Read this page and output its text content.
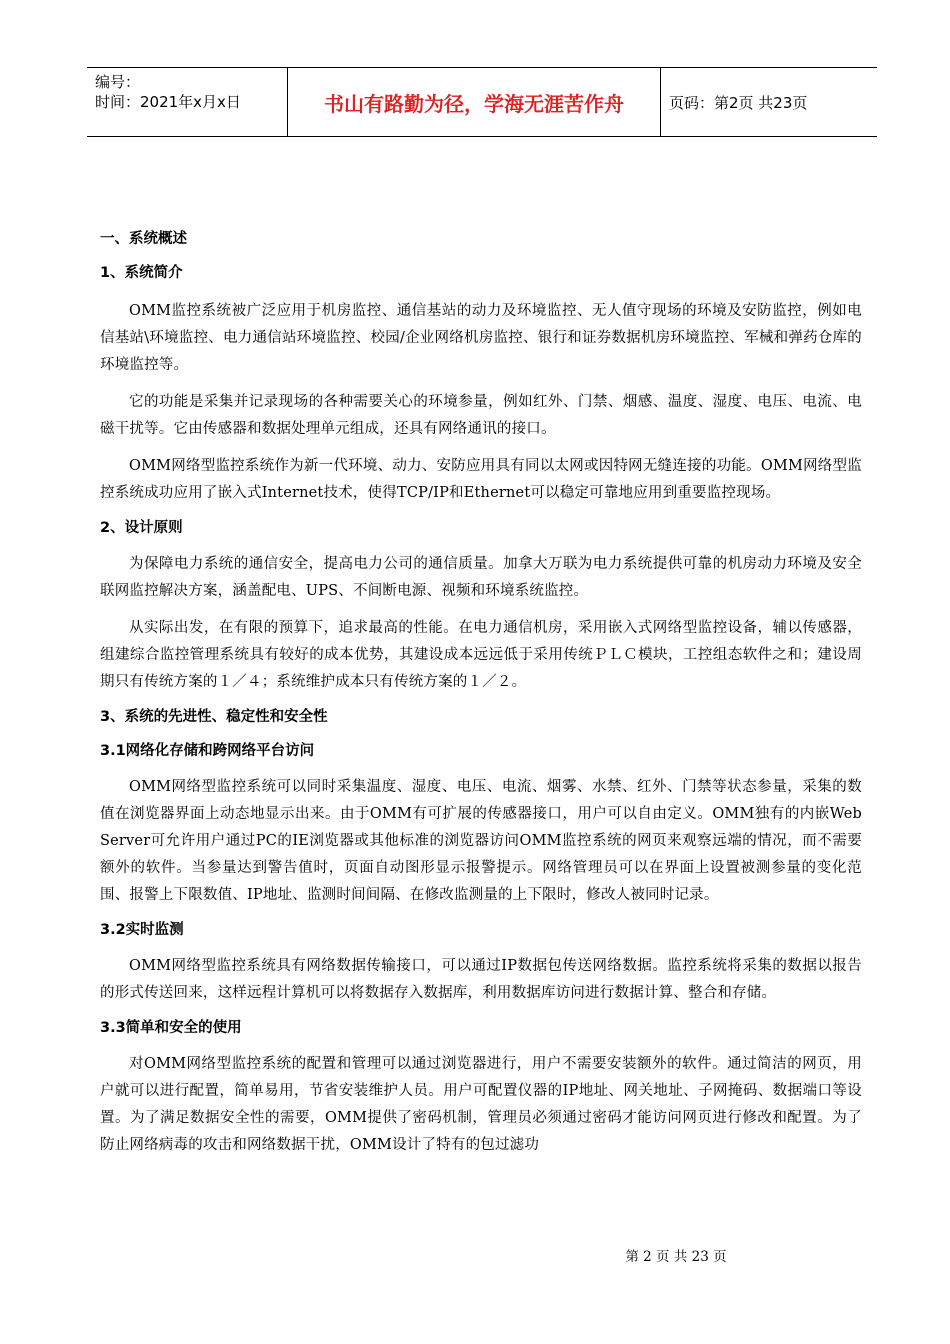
编号：
时间：2021年x月x日	书山有路勤为径，学海无涯苦作舟	页码：第2页 共23页
一、系统概述
1、系统简介

OMM监控系统被广泛应用于机房监控、通信基站的动力及环境监控、无人值守现场的环境及安防监控，例如电信基站\环境监控、电力通信站环境监控、校园/企业网络机房监控、银行和证券数据机房环境监控、军械和弹药仓库的环境监控等。

它的功能是采集并记录现场的各种需要关心的环境参量，例如红外、门禁、烟感、温度、湿度、电压、电流、电磁干扰等。它由传感器和数据处理单元组成，还具有网络通讯的接口。

OMM网络型监控系统作为新一代环境、动力、安防应用具有同以太网或因特网无缝连接的功能。OMM网络型监控系统成功应用了嵌入式Internet技术，使得TCP/IP和Ethernet可以稳定可靠地应用到重要监控现场。

2、设计原则

为保障电力系统的通信安全，提高电力公司的通信质量。加拿大万联为电力系统提供可靠的机房动力环境及安全联网监控解决方案，涵盖配电、UPS、不间断电源、视频和环境系统监控。

从实际出发，在有限的预算下，追求最高的性能。在电力通信机房，采用嵌入式网络型监控设备，辅以传感器，组建综合监控管理系统具有较好的成本优势，其建设成本远远低于采用传统ＰＬＣ模块，工控组态软件之和；建设周期只有传统方案的１／４；系统维护成本只有传统方案的１／２。

3、系统的先进性、稳定性和安全性
3.1网络化存储和跨网络平台访问

OMM网络型监控系统可以同时采集温度、湿度、电压、电流、烟雾、水禁、红外、门禁等状态参量，采集的数值在浏览器界面上动态地显示出来。由于OMM有可扩展的传感器接口，用户可以自由定义。OMM独有的内嵌Web Server可允许用户通过PC的IE浏览器或其他标准的浏览器访问OMM监控系统的网页来观察远端的情况，而不需要额外的软件。当参量达到警告值时，页面自动图形显示报警提示。网络管理员可以在界面上设置被测参量的变化范围、报警上下限数值、IP地址、监测时间间隔、在修改监测量的上下限时，修改人被同时记录。

3.2实时监测

OMM网络型监控系统具有网络数据传输接口，可以通过IP数据包传送网络数据。监控系统将采集的数据以报告的形式传送回来，这样远程计算机可以将数据存入数据库，利用数据库访问进行数据计算、整合和存储。

3.3简单和安全的使用

对OMM网络型监控系统的配置和管理可以通过浏览器进行，用户不需要安装额外的软件。通过简洁的网页，用户就可以进行配置，简单易用，节省安装维护人员。用户可配置仪器的IP地址、网关地址、子网掩码、数据端口等设置。为了满足数据安全性的需要，OMM提供了密码机制，管理员必须通过密码才能访问网页进行修改和配置。为了防止网络病毒的攻击和网络数据干扰，OMM设计了特有的包过滤功

第 2 页 共 23 页
